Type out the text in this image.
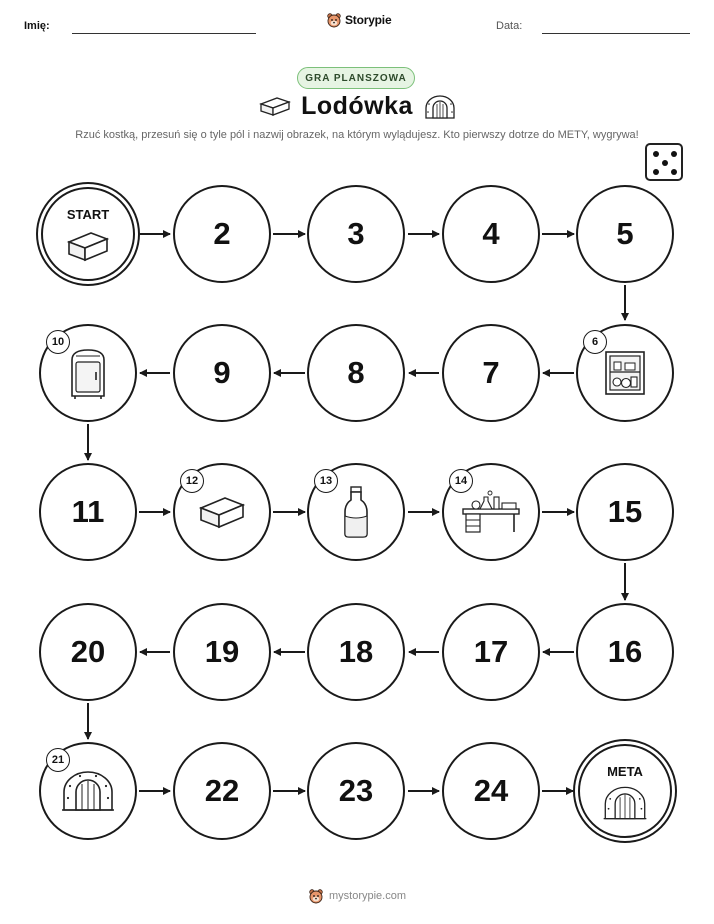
Imię:	Storypie	Data:
GRA PLANSZOWA
Lodówka
Rzuć kostką, przesuń się o tyle pól i nazwij obrazek, na którym wylądujesz. Kto pierwszy dotrze do METY, wygrywa!
START
2	3	4	5
6
7
8
9
10
11
12	13	14
15
16
17
18
19
20
21
22	23	24
META
mystorypie.com
